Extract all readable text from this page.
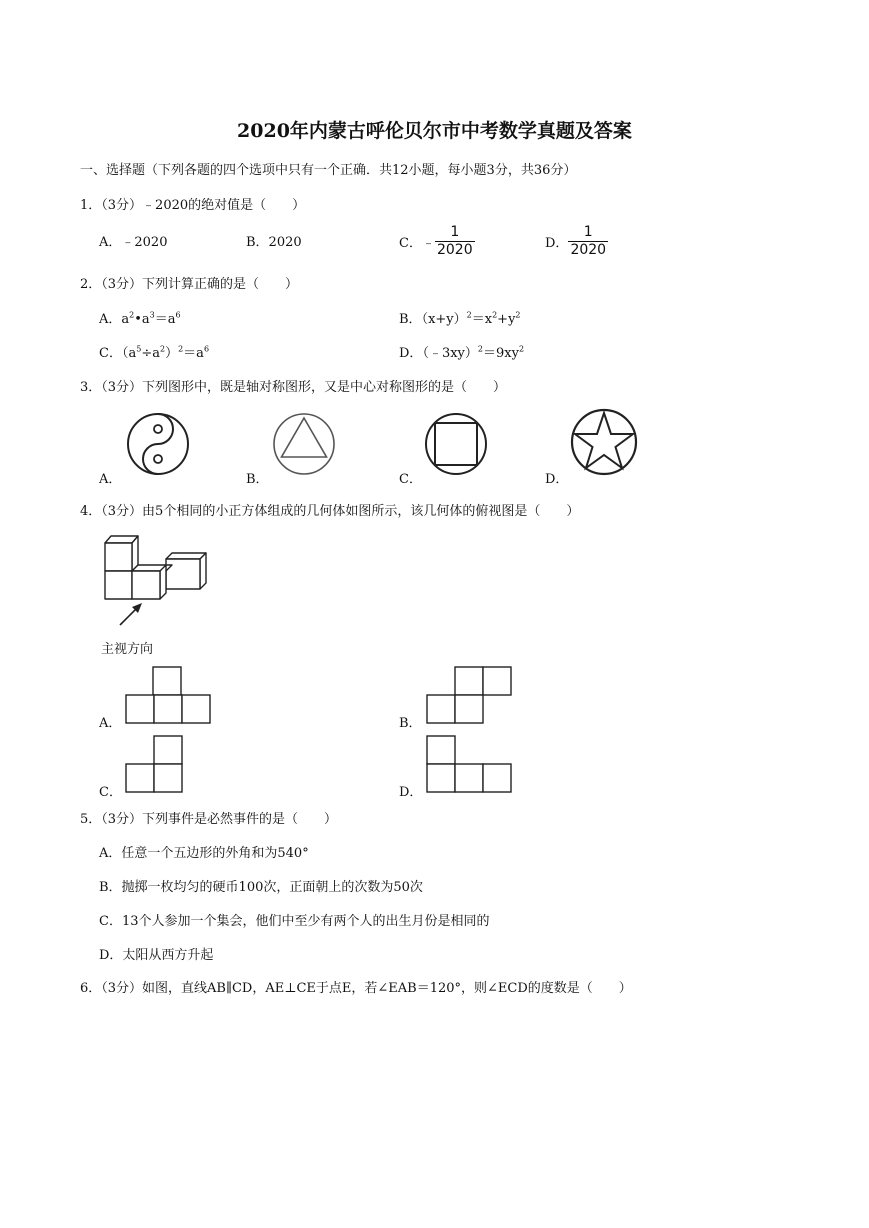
2020年内蒙古呼伦贝尔市中考数学真题及答案
一、选择题（下列各题的四个选项中只有一个正确．共12小题，每小题3分，共36分）
1．（3分）﹣2020的绝对值是（　　）
A．﹣2020	B．2020	C．﹣ $\frac{1}{2020}$	D． $\frac{1}{2020}$
2．（3分）下列计算正确的是（　　）
A．$a^2•a^3=a^6$	B．$(x+y)^2=x^2+y^2$
C．$(a^5\div a^2)^2=a^6$	D．$(﹣3xy)^2=9xy^2$
3．（3分）下列图形中，既是轴对称图形，又是中心对称图形的是（　　）
A．	B．	C．	D．
4．（3分）由5个相同的小正方体组成的几何体如图所示，该几何体的俯视图是（　　）
主视方向
A．	B．
C．	D．
5．（3分）下列事件是必然事件的是（　　）
A．任意一个五边形的外角和为540°
B．抛掷一枚均匀的硬币100次，正面朝上的次数为50次
C．13个人参加一个集会，他们中至少有两个人的出生月份是相同的
D．太阳从西方升起
6．（3分）如图，直线AB∥CD，AE⊥CE于点E，若∠EAB＝120°，则∠ECD的度数是（　　）
